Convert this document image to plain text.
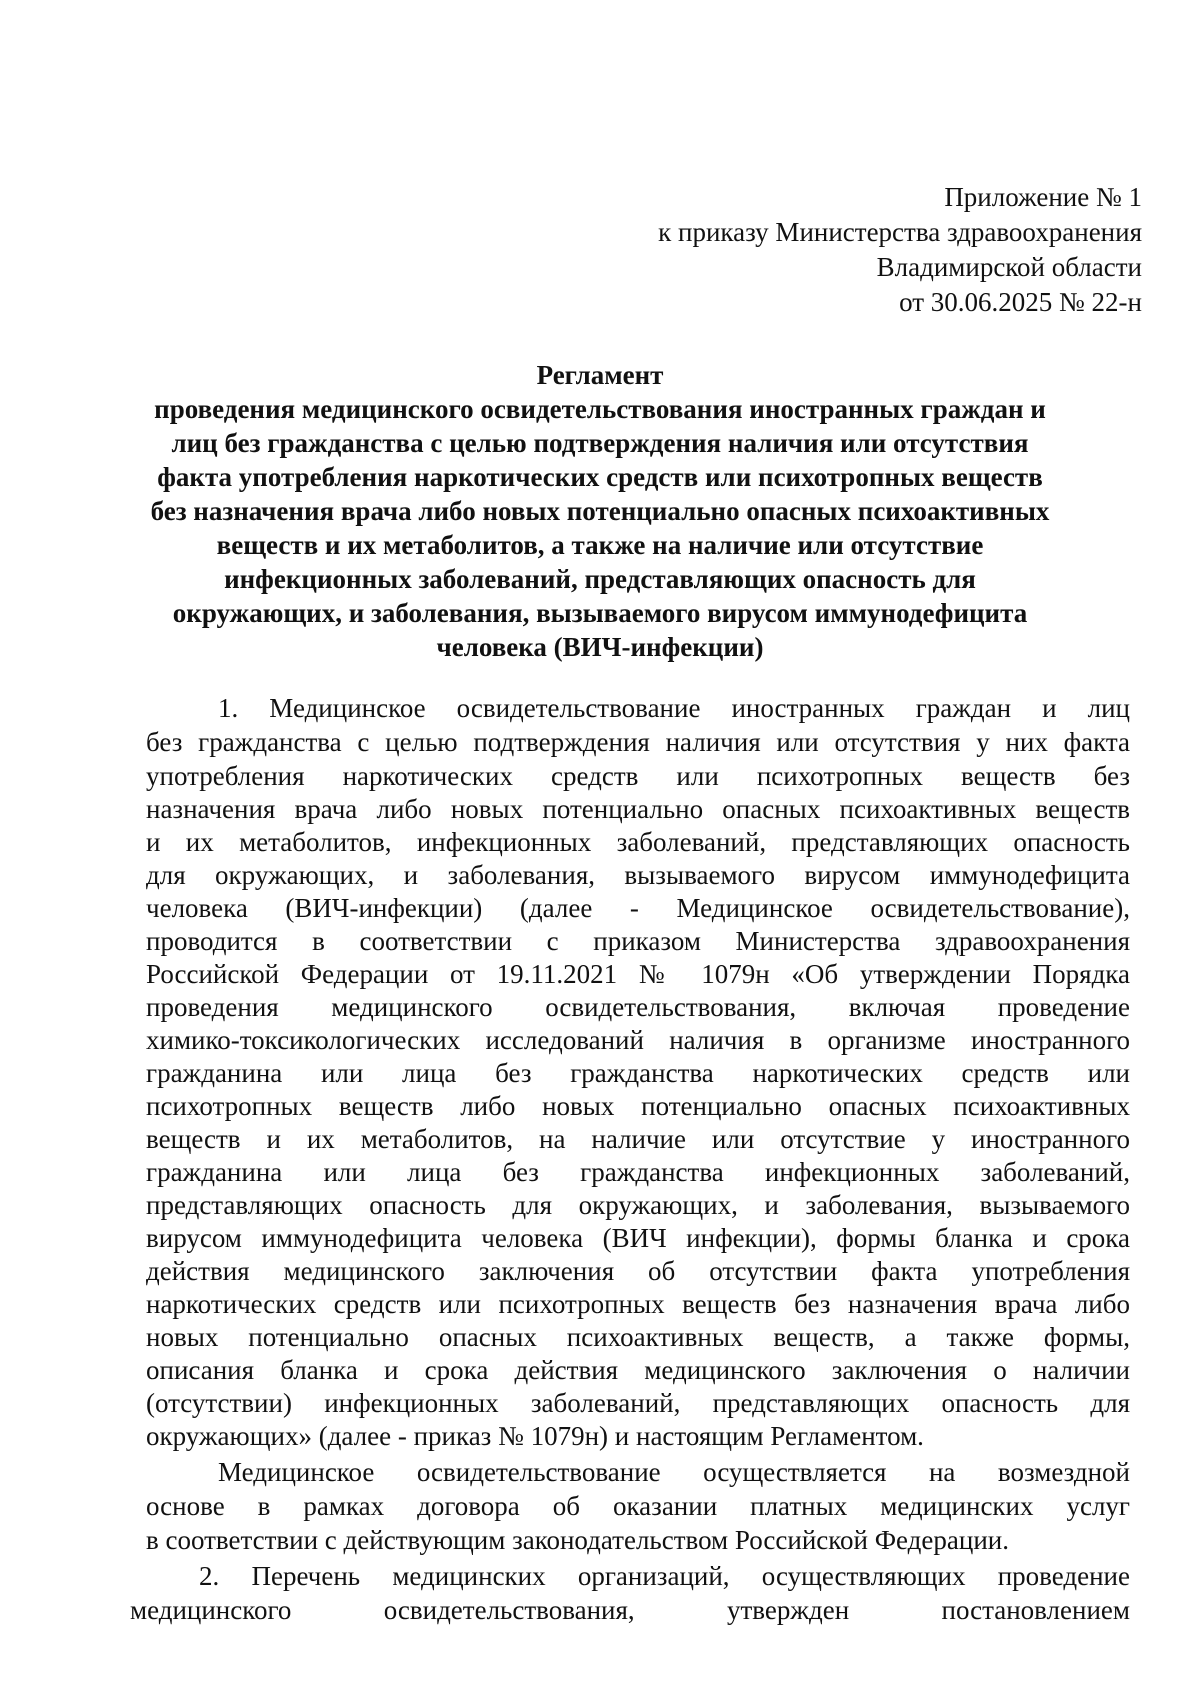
Приложение № 1
к приказу Министерства здравоохранения
Владимирской области
от 30.06.2025 № 22-н
Регламент
проведения медицинского освидетельствования иностранных граждан и
лиц без гражданства с целью подтверждения наличия или отсутствия
факта употребления наркотических средств или психотропных веществ
без назначения врача либо новых потенциально опасных психоактивных
веществ и их метаболитов, а также на наличие или отсутствие
инфекционных заболеваний, представляющих опасность для
окружающих, и заболевания, вызываемого вирусом иммунодефицита
человека (ВИЧ-инфекции)
1. Медицинское освидетельствование иностранных граждан и лиц
без гражданства с целью подтверждения наличия или отсутствия у них факта
употребления наркотических средств или психотропных веществ без
назначения врача либо новых потенциально опасных психоактивных веществ
и их метаболитов, инфекционных заболеваний, представляющих опасность
для окружающих, и заболевания, вызываемого вирусом иммунодефицита
человека (ВИЧ-инфекции) (далее - Медицинское освидетельствование),
проводится в соответствии с приказом Министерства здравоохранения
Российской Федерации от 19.11.2021 № 1079н «Об утверждении Порядка
проведения медицинского освидетельствования, включая проведение
химико-токсикологических исследований наличия в организме иностранного
гражданина или лица без гражданства наркотических средств или
психотропных веществ либо новых потенциально опасных психоактивных
веществ и их метаболитов, на наличие или отсутствие у иностранного
гражданина или лица без гражданства инфекционных заболеваний,
представляющих опасность для окружающих, и заболевания, вызываемого
вирусом иммунодефицита человека (ВИЧ инфекции), формы бланка и срока
действия медицинского заключения об отсутствии факта употребления
наркотических средств или психотропных веществ без назначения врача либо
новых потенциально опасных психоактивных веществ, а также формы,
описания бланка и срока действия медицинского заключения о наличии
(отсутствии) инфекционных заболеваний, представляющих опасность для
окружающих» (далее - приказ № 1079н) и настоящим Регламентом.
Медицинское освидетельствование осуществляется на возмездной
основе в рамках договора об оказании платных медицинских услуг
в соответствии с действующим законодательством Российской Федерации.
2. Перечень медицинских организаций, осуществляющих проведение
медицинского освидетельствования, утвержден постановлением
